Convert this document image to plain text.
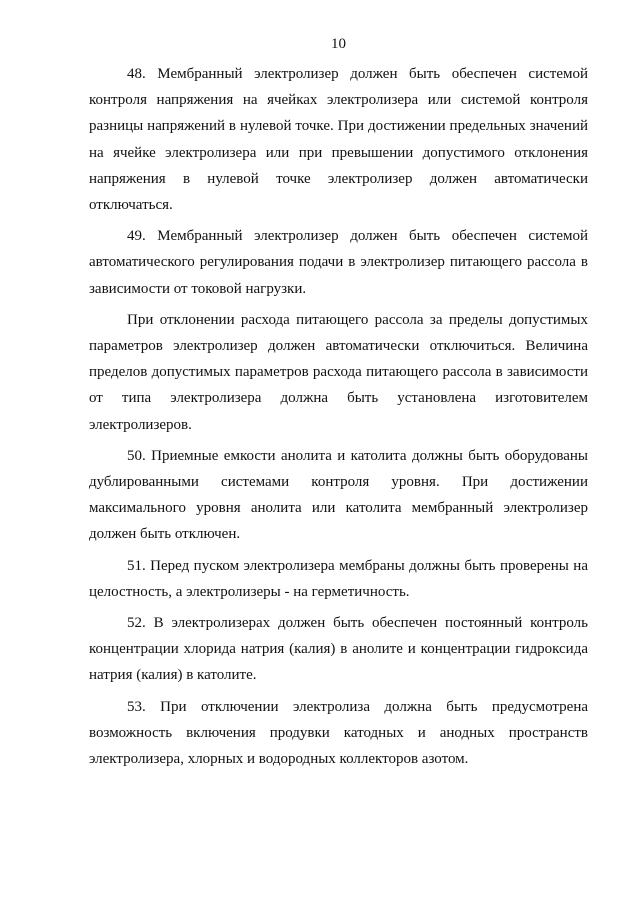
10

48. Мембранный электролизер должен быть обеспечен системой контроля напряжения на ячейках электролизера или системой контроля разницы напряжений в нулевой точке. При достижении предельных значений на ячейке электролизера или при превышении допустимого отклонения напряжения в нулевой точке электролизер должен автоматически отключаться.

49. Мембранный электролизер должен быть обеспечен системой автоматического регулирования подачи в электролизер питающего рассола в зависимости от токовой нагрузки.

При отклонении расхода питающего рассола за пределы допустимых параметров электролизер должен автоматически отключиться. Величина пределов допустимых параметров расхода питающего рассола в зависимости от типа электролизера должна быть установлена изготовителем электролизеров.

50. Приемные емкости анолита и католита должны быть оборудованы дублированными системами контроля уровня. При достижении максимального уровня анолита или католита мембранный электролизер должен быть отключен.

51. Перед пуском электролизера мембраны должны быть проверены на целостность, а электролизеры - на герметичность.

52. В электролизерах должен быть обеспечен постоянный контроль концентрации хлорида натрия (калия) в анолите и концентрации гидроксида натрия (калия) в католите.

53. При отключении электролиза должна быть предусмотрена возможность включения продувки катодных и анодных пространств электролизера, хлорных и водородных коллекторов азотом.
